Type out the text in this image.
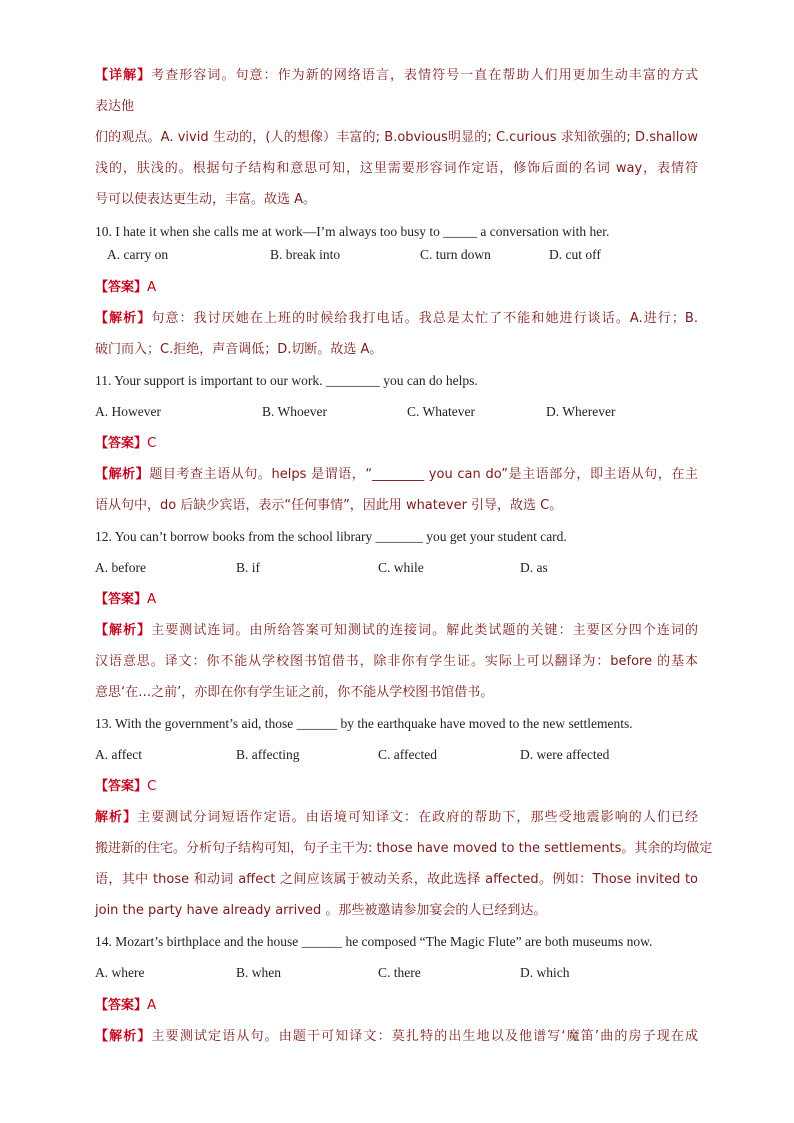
【详解】考查形容词。句意：作为新的网络语言，表情符号一直在帮助人们用更加生动丰富的方式
表达他
们的观点。A. vivid 生动的，(人的想像）丰富的; B.obvious明显的; C.curious 求知欲强的; D.shallow
浅的，肤浅的。根据句子结构和意思可知，这里需要形容词作定语，修饰后面的名词 way，表情符
号可以使表达更生动，丰富。故选 A。
10. I hate it when she calls me at work—I’m always too busy to _____ a conversation with her.
A. carry on	B. break into	C. turn down	D. cut off
【答案】A
【解析】句意：我讨厌她在上班的时候给我打电话。我总是太忙了不能和她进行谈话。A.进行；B.
破门而入；C.拒绝，声音调低；D.切断。故选 A。
11. Your support is important to our work. ________ you can do helps.
A. However	B. Whoever	C. Whatever	D. Wherever
【答案】C
【解析】题目考查主语从句。helps 是谓语，“________ you can do”是主语部分，即主语从句，在主
语从句中，do 后缺少宾语，表示“任何事情”，因此用 whatever 引导，故选 C。
12. You can’t borrow books from the school library _______ you get your student card.
A. before	B. if	C. while	D. as
【答案】A
【解析】主要测试连词。由所给答案可知测试的连接词。解此类试题的关键：主要区分四个连词的
汉语意思。译文：你不能从学校图书馆借书，除非你有学生证。实际上可以翻译为：before 的基本
意思‘在…之前’，亦即在你有学生证之前，你不能从学校图书馆借书。
13. With the government’s aid, those ______ by the earthquake have moved to the new settlements.
A. affect	B. affecting	C. affected	D. were affected
【答案】C
解析】主要测试分词短语作定语。由语境可知译文：在政府的帮助下，那些受地震影响的人们已经
搬进新的住宅。分析句子结构可知，句子主干为: those have moved to the settlements。其余的均做定
语，其中 those 和动词 affect 之间应该属于被动关系，故此选择 affected。例如：Those invited to
join the party have already arrived 。那些被邀请参加宴会的人已经到达。
14. Mozart’s birthplace and the house ______ he composed “The Magic Flute” are both museums now.
A. where	B. when	C. there	D. which
【答案】A
【解析】主要测试定语从句。由题干可知译文：莫扎特的出生地以及他谱写‘魔笛’曲的房子现在成
